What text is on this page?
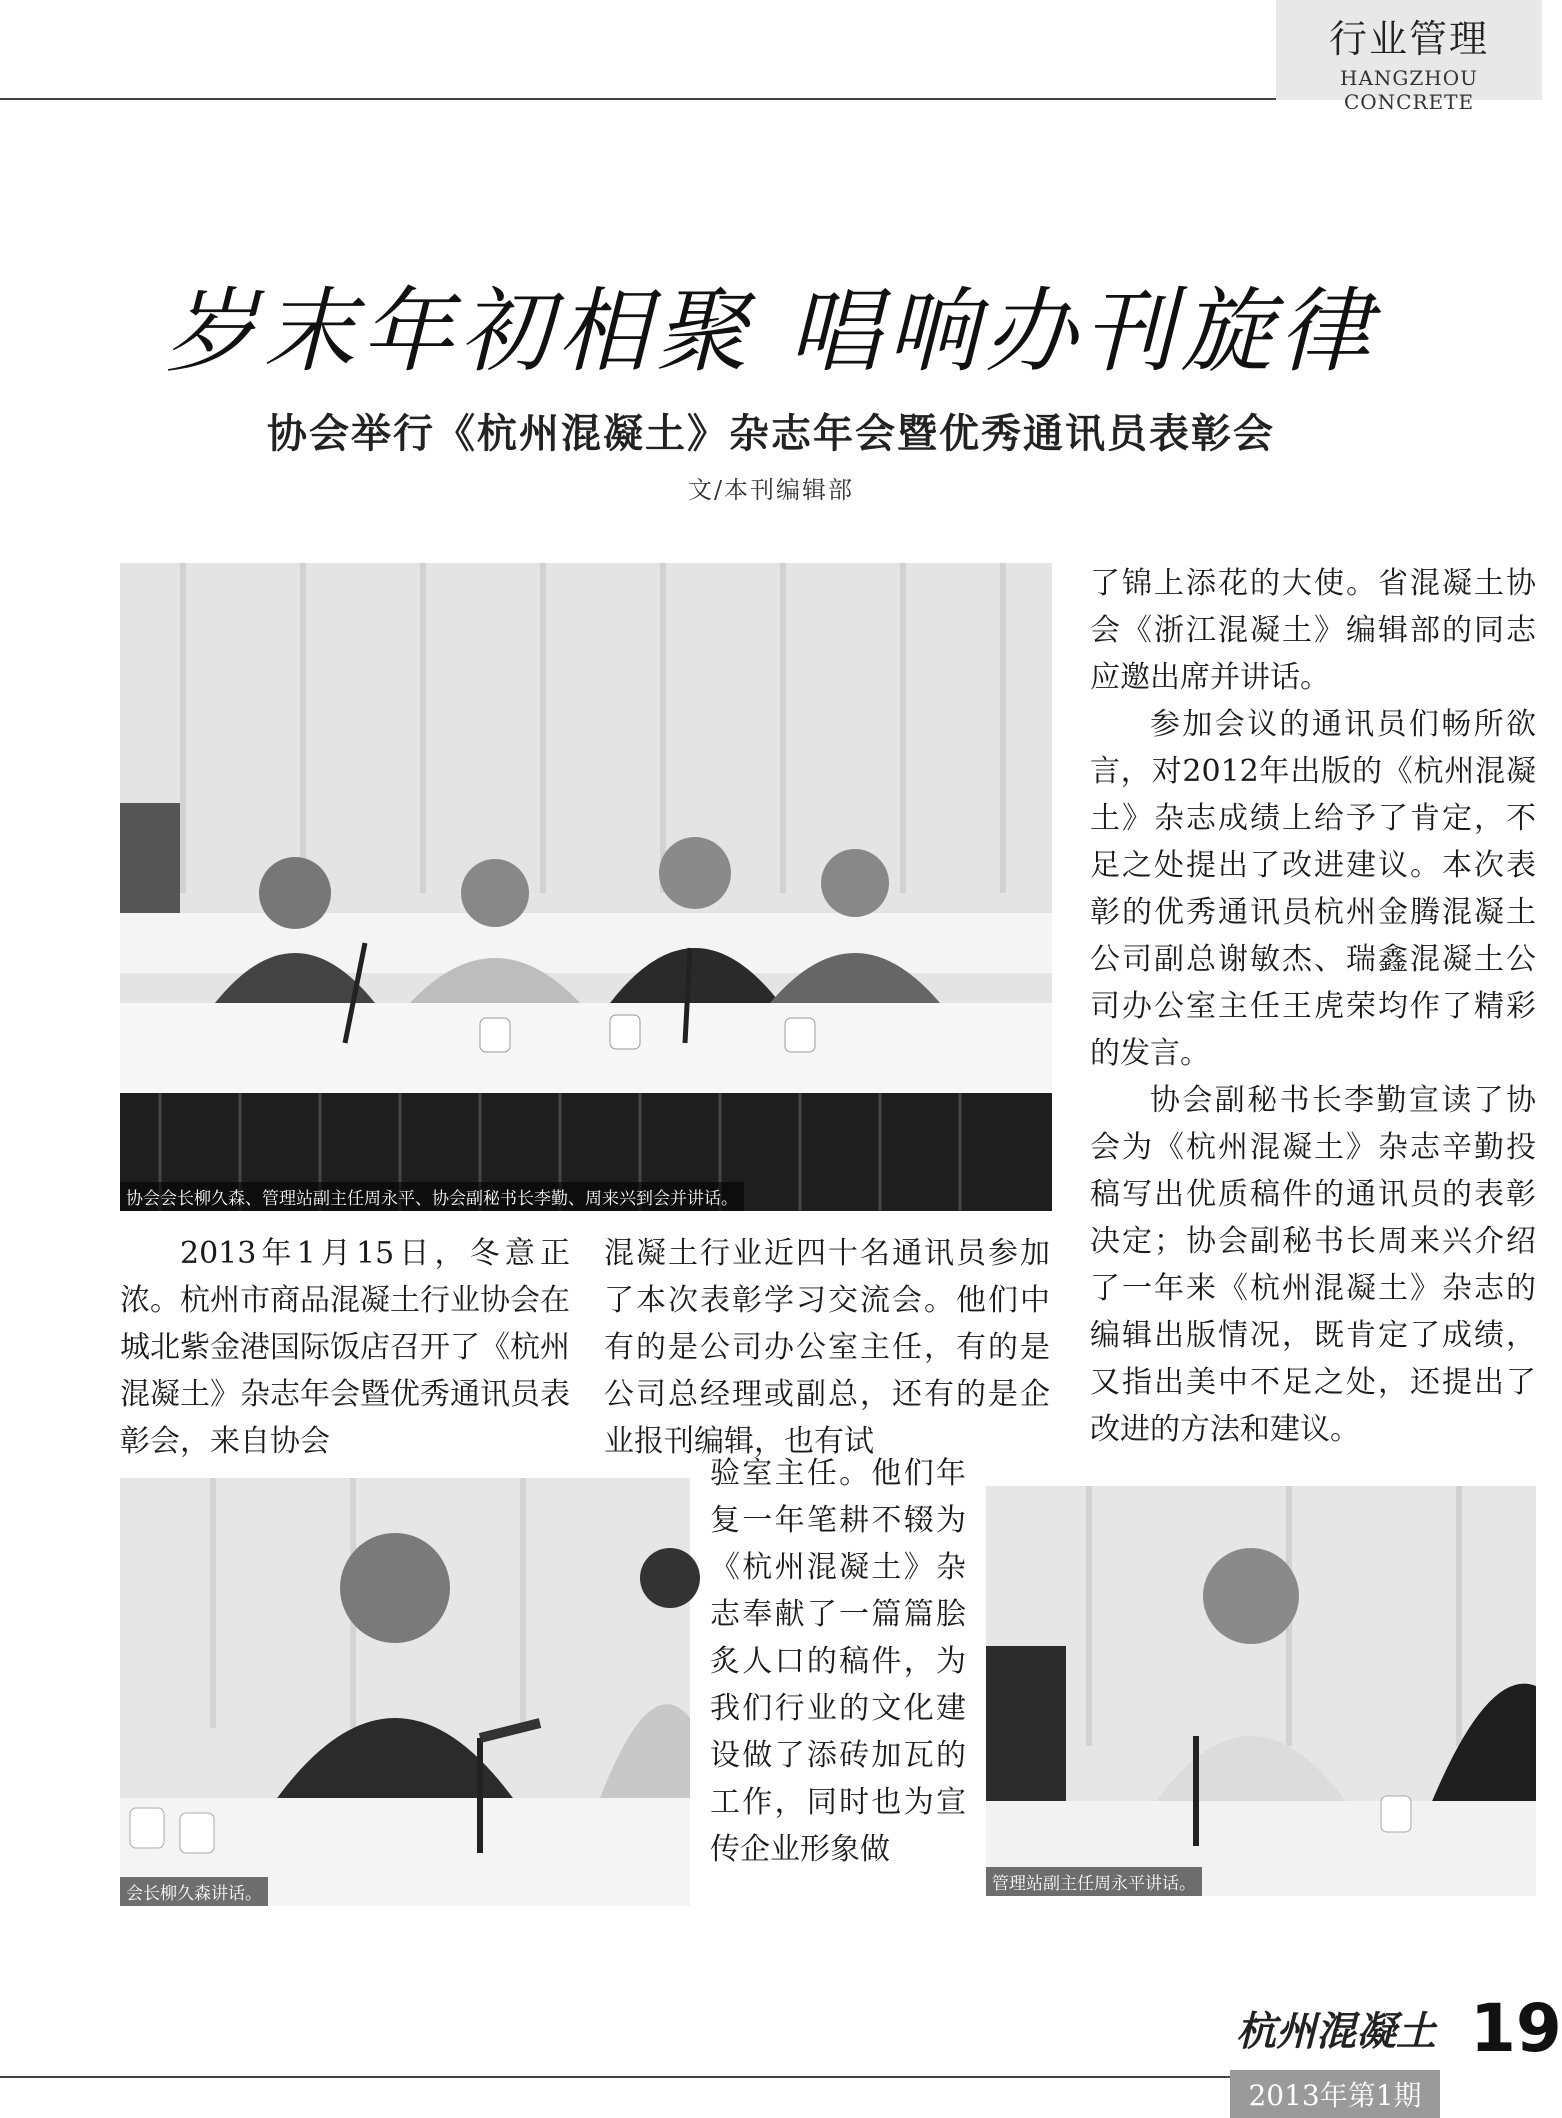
行业管理
HANGZHOU CONCRETE
岁末年初相聚 唱响办刊旋律
协会举行《杭州混凝土》杂志年会暨优秀通讯员表彰会
文/本刊编辑部
协会会长柳久森、管理站副主任周永平、协会副秘书长李勤、周来兴到会并讲话。

了锦上添花的大使。省混凝土协会《浙江混凝土》编辑部的同志应邀出席并讲话。

参加会议的通讯员们畅所欲言，对2012年出版的《杭州混凝土》杂志成绩上给予了肯定，不足之处提出了改进建议。本次表彰的优秀通讯员杭州金腾混凝土公司副总谢敏杰、瑞鑫混凝土公司办公室主任王虎荣均作了精彩的发言。

协会副秘书长李勤宣读了协会为《杭州混凝土》杂志辛勤投稿写出优质稿件的通讯员的表彰决定；协会副秘书长周来兴介绍了一年来《杭州混凝土》杂志的编辑出版情况，既肯定了成绩，又指出美中不足之处，还提出了改进的方法和建议。

2013年1月15日，冬意正浓。杭州市商品混凝土行业协会在城北紫金港国际饭店召开了《杭州混凝土》杂志年会暨优秀通讯员表彰会，来自协会

混凝土行业近四十名通讯员参加了本次表彰学习交流会。他们中有的是公司办公室主任，有的是公司总经理或副总，还有的是企业报刊编辑，也有试

验室主任。他们年复一年笔耕不辍为《杭州混凝土》杂志奉献了一篇篇脍炙人口的稿件，为我们行业的文化建设做了添砖加瓦的工作，同时也为宣传企业形象做

会长柳久森讲话。	管理站副主任周永平讲话。
杭州混凝土 19
2013年第1期
